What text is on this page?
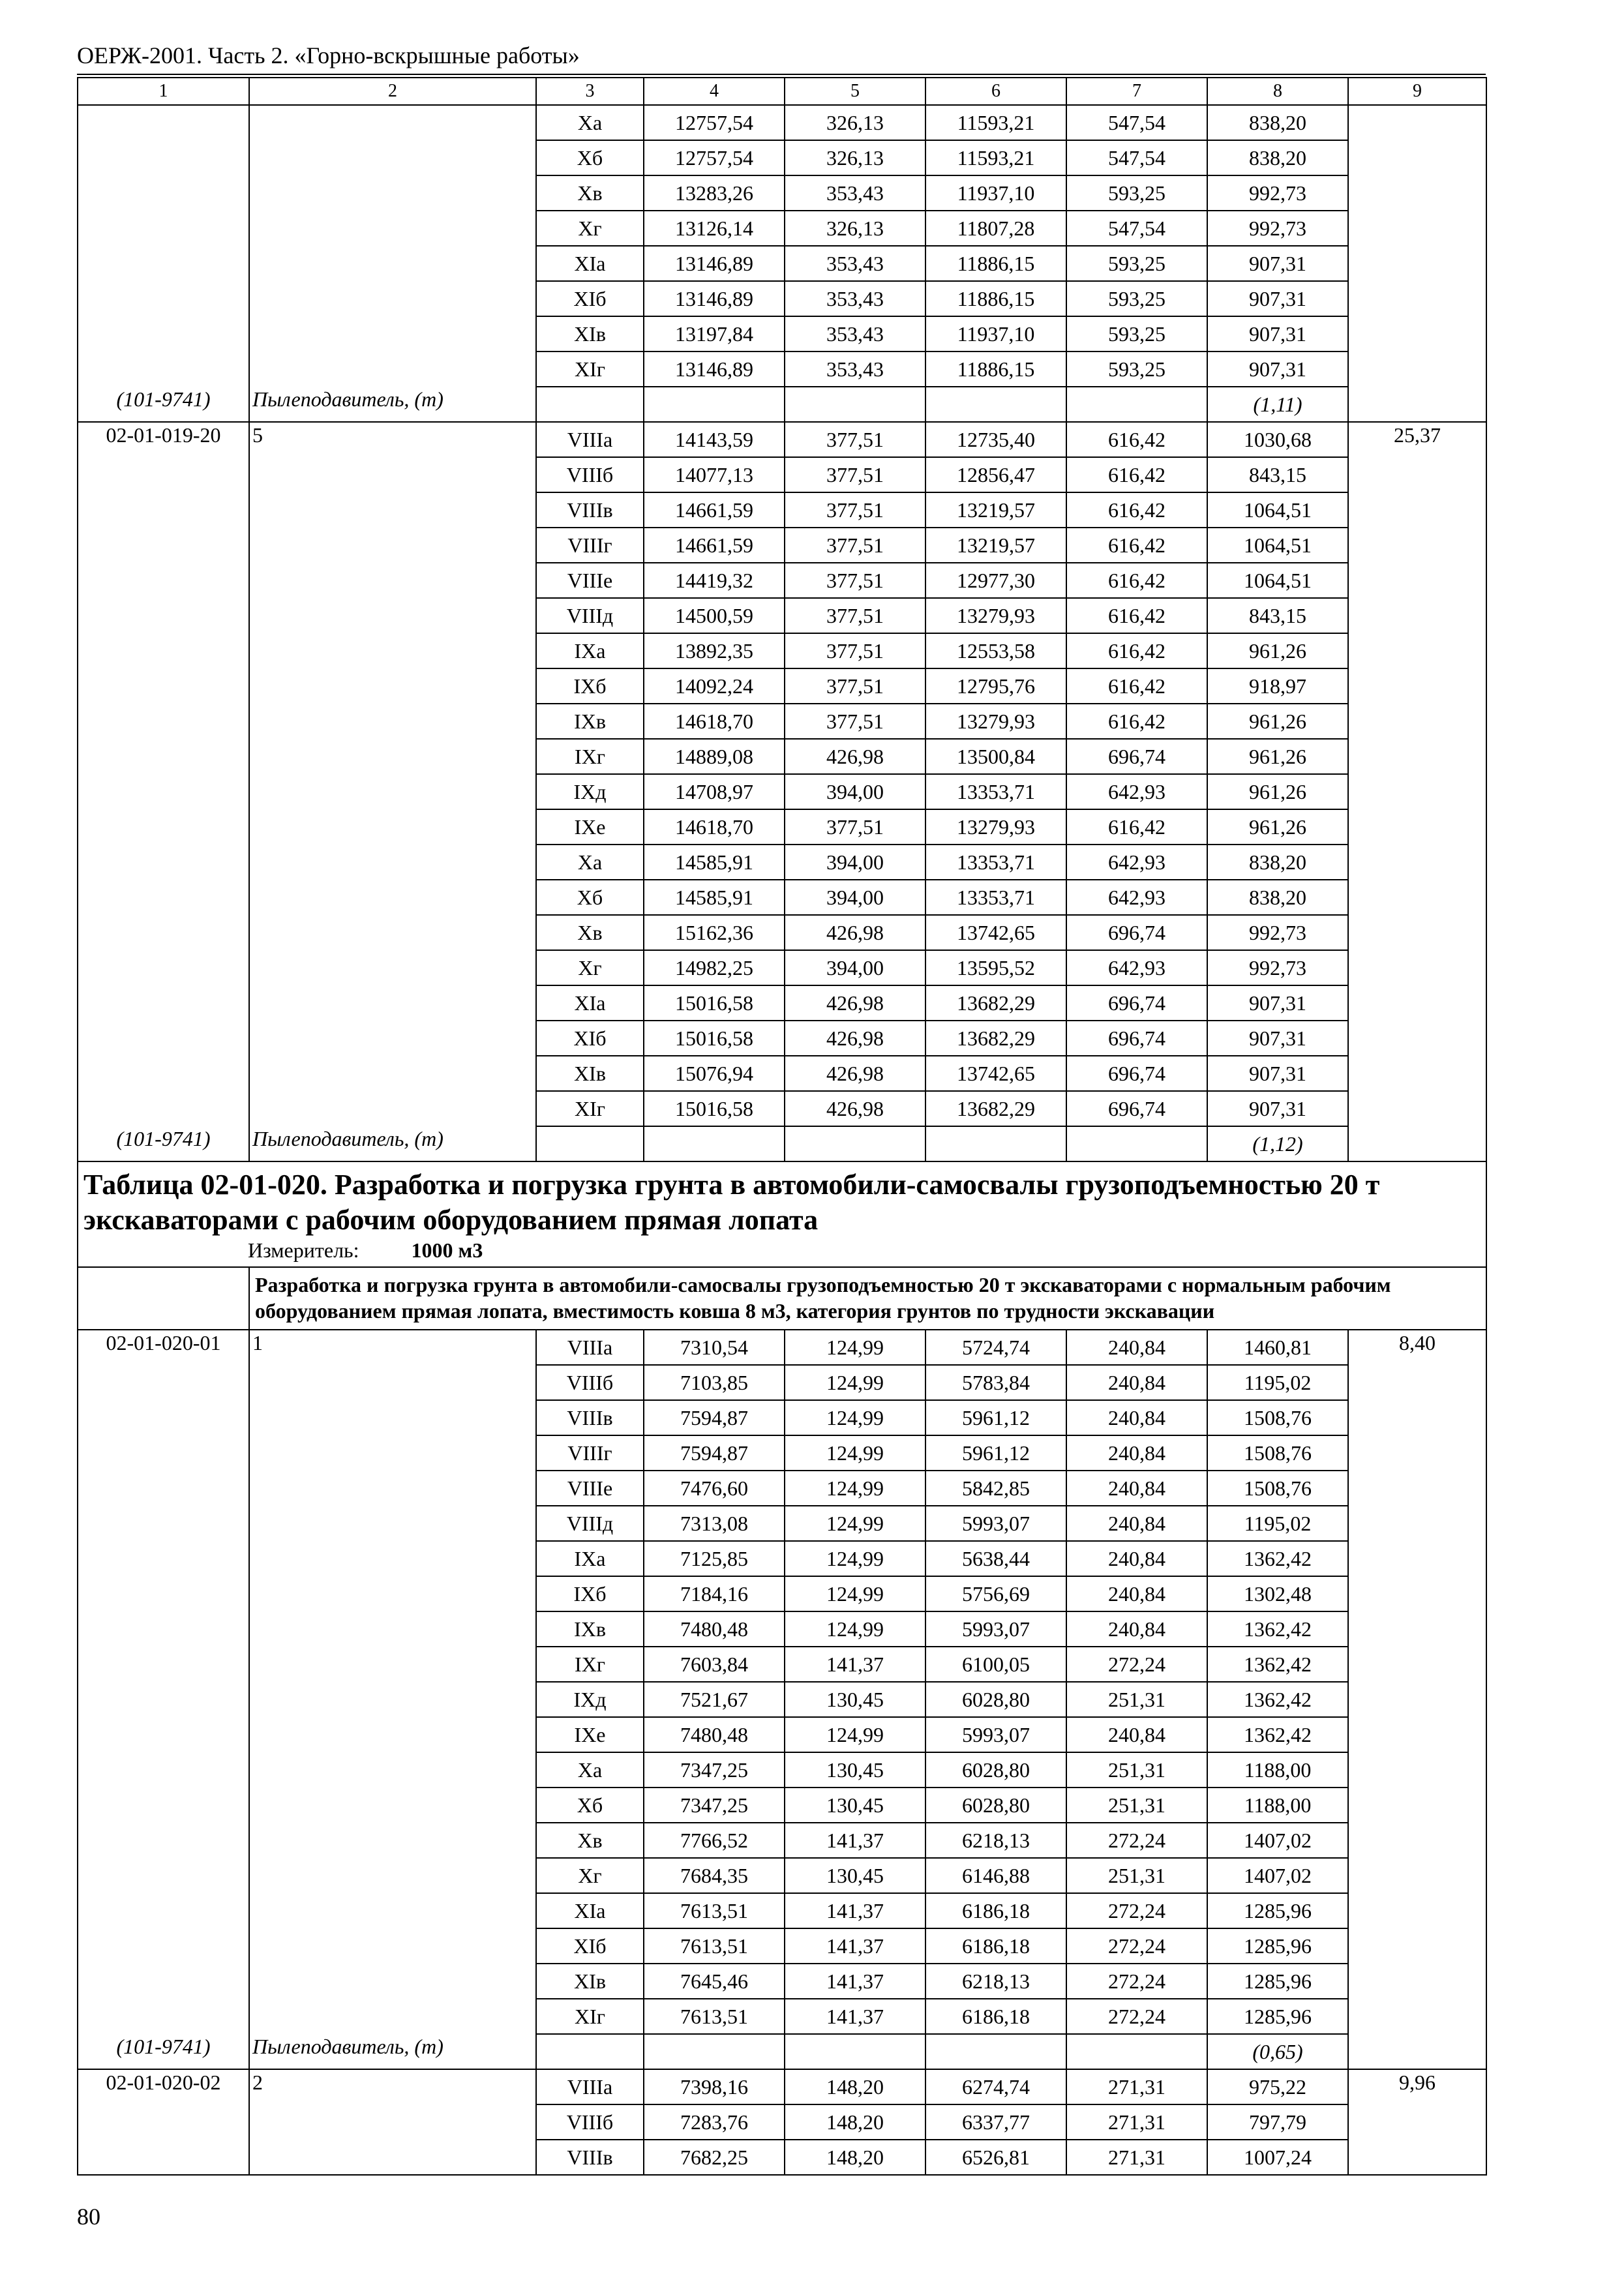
ОЕРЖ-2001. Часть 2. «Горно-вскрышные работы»
1	2	3	4	5	6	7	8	9
		Xа	12757,54	326,13	11593,21	547,54	838,20	
		Xб	12757,54	326,13	11593,21	547,54	838,20	
		Xв	13283,26	353,43	11937,10	593,25	992,73	
		Xг	13126,14	326,13	11807,28	547,54	992,73	
		XIа	13146,89	353,43	11886,15	593,25	907,31	
		XIб	13146,89	353,43	11886,15	593,25	907,31	
		XIв	13197,84	353,43	11937,10	593,25	907,31	
		XIг	13146,89	353,43	11886,15	593,25	907,31	
(101-9741)	Пылеподавитель, (т)						(1,11)	
02-01-019-20	5	VIIIа	14143,59	377,51	12735,40	616,42	1030,68	25,37
		VIIIб	14077,13	377,51	12856,47	616,42	843,15	
		VIIIв	14661,59	377,51	13219,57	616,42	1064,51	
		VIIIг	14661,59	377,51	13219,57	616,42	1064,51	
		VIIIе	14419,32	377,51	12977,30	616,42	1064,51	
		VIIIд	14500,59	377,51	13279,93	616,42	843,15	
		IXа	13892,35	377,51	12553,58	616,42	961,26	
		IXб	14092,24	377,51	12795,76	616,42	918,97	
		IXв	14618,70	377,51	13279,93	616,42	961,26	
		IXг	14889,08	426,98	13500,84	696,74	961,26	
		IXд	14708,97	394,00	13353,71	642,93	961,26	
		IXе	14618,70	377,51	13279,93	616,42	961,26	
		Xа	14585,91	394,00	13353,71	642,93	838,20	
		Xб	14585,91	394,00	13353,71	642,93	838,20	
		Xв	15162,36	426,98	13742,65	696,74	992,73	
		Xг	14982,25	394,00	13595,52	642,93	992,73	
		XIа	15016,58	426,98	13682,29	696,74	907,31	
		XIб	15016,58	426,98	13682,29	696,74	907,31	
		XIв	15076,94	426,98	13742,65	696,74	907,31	
		XIг	15016,58	426,98	13682,29	696,74	907,31	
(101-9741)	Пылеподавитель, (т)						(1,12)	

Таблица 02-01-020. Разработка и погрузка грунта в автомобили-самосвалы грузоподъемностью 20 т экскаваторами с рабочим оборудованием прямая лопата								

Измеритель: 1000 м3								

	Разработка и погрузка грунта в автомобили-самосвалы грузоподъемностью 20 т экскаваторами с нормальным рабочим оборудованием прямая лопата, вместимость ковша 8 м3, категория грунтов по трудности экскавации							
02-01-020-01	1	VIIIа	7310,54	124,99	5724,74	240,84	1460,81	8,40
		VIIIб	7103,85	124,99	5783,84	240,84	1195,02	
		VIIIв	7594,87	124,99	5961,12	240,84	1508,76	
		VIIIг	7594,87	124,99	5961,12	240,84	1508,76	
		VIIIе	7476,60	124,99	5842,85	240,84	1508,76	
		VIIIд	7313,08	124,99	5993,07	240,84	1195,02	
		IXа	7125,85	124,99	5638,44	240,84	1362,42	
		IXб	7184,16	124,99	5756,69	240,84	1302,48	
		IXв	7480,48	124,99	5993,07	240,84	1362,42	
		IXг	7603,84	141,37	6100,05	272,24	1362,42	
		IXд	7521,67	130,45	6028,80	251,31	1362,42	
		IXе	7480,48	124,99	5993,07	240,84	1362,42	
		Xа	7347,25	130,45	6028,80	251,31	1188,00	
		Xб	7347,25	130,45	6028,80	251,31	1188,00	
		Xв	7766,52	141,37	6218,13	272,24	1407,02	
		Xг	7684,35	130,45	6146,88	251,31	1407,02	
		XIа	7613,51	141,37	6186,18	272,24	1285,96	
		XIб	7613,51	141,37	6186,18	272,24	1285,96	
		XIв	7645,46	141,37	6218,13	272,24	1285,96	
		XIг	7613,51	141,37	6186,18	272,24	1285,96	
(101-9741)	Пылеподавитель, (т)						(0,65)	
02-01-020-02	2	VIIIа	7398,16	148,20	6274,74	271,31	975,22	9,96
		VIIIб	7283,76	148,20	6337,77	271,31	797,79	
		VIIIв	7682,25	148,20	6526,81	271,31	1007,24	
80
